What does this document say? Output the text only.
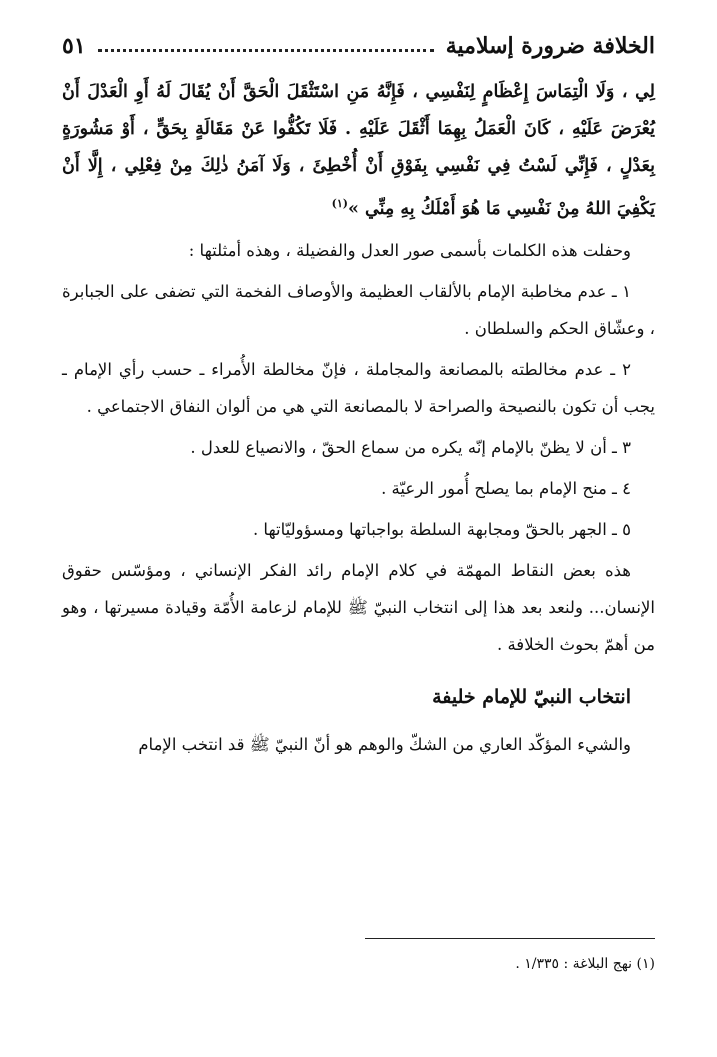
الخلافة ضرورة إسلامية
٥١

لِي ، وَلَا الْتِمَاسَ إِعْظَامٍ لِنَفْسِي ، فَإِنَّهُ مَنِ اسْتَثْقَلَ الْحَقَّ أَنْ يُقَالَ لَهُ أَوِ الْعَدْلَ أَنْ يُعْرَضَ عَلَيْهِ ، كَانَ الْعَمَلُ بِهِمَا أَثْقَلَ عَلَيْهِ . فَلَا تَكُفُّوا عَنْ مَقَالَةٍ بِحَقٍّ ، أَوْ مَشُورَةٍ بِعَدْلٍ ، فَإِنِّي لَسْتُ فِي نَفْسِي بِفَوْقِ أَنْ أُخْطِئَ ، وَلَا آمَنُ ذٰلِكَ مِنْ فِعْلِي ، إِلَّا أَنْ يَكْفِيَ اللهُ مِنْ نَفْسِي مَا هُوَ أَمْلَكُ بِهِ مِنِّي »$^{(١)}$

وحفلت هذه الكلمات بأسمى صور العدل والفضيلة ، وهذه أمثلتها :

١ ـ عدم مخاطبة الإمام بالألقاب العظيمة والأوصاف الفخمة التي تضفى على الجبابرة ، وعشّاق الحكم والسلطان .

٢ ـ عدم مخالطته بالمصانعة والمجاملة ، فإنّ مخالطة الأُمراء ـ حسب رأي الإمام ـ يجب أن تكون بالنصيحة والصراحة لا بالمصانعة التي هي من ألوان النفاق الاجتماعي .

٣ ـ أن لا يظنّ بالإمام إنّه يكره من سماع الحقّ ، والانصياع للعدل .

٤ ـ منح الإمام بما يصلح أُمور الرعيّة .

٥ ـ الجهر بالحقّ ومجابهة السلطة بواجباتها ومسؤوليّاتها .

هذه بعض النقاط المهمّة في كلام الإمام رائد الفكر الإنساني ، ومؤسّس حقوق الإنسان... ولنعد بعد هذا إلى انتخاب النبيّ ﷺ للإمام لزعامة الأُمّة وقيادة مسيرتها ، وهو من أهمّ بحوث الخلافة .

انتخاب النبيّ للإمام خليفة

والشيء المؤكّد العاري من الشكّ والوهم هو أنّ النبيّ ﷺ قد انتخب الإمام

(١) نهج البلاغة : ١/٣٣٥ .
